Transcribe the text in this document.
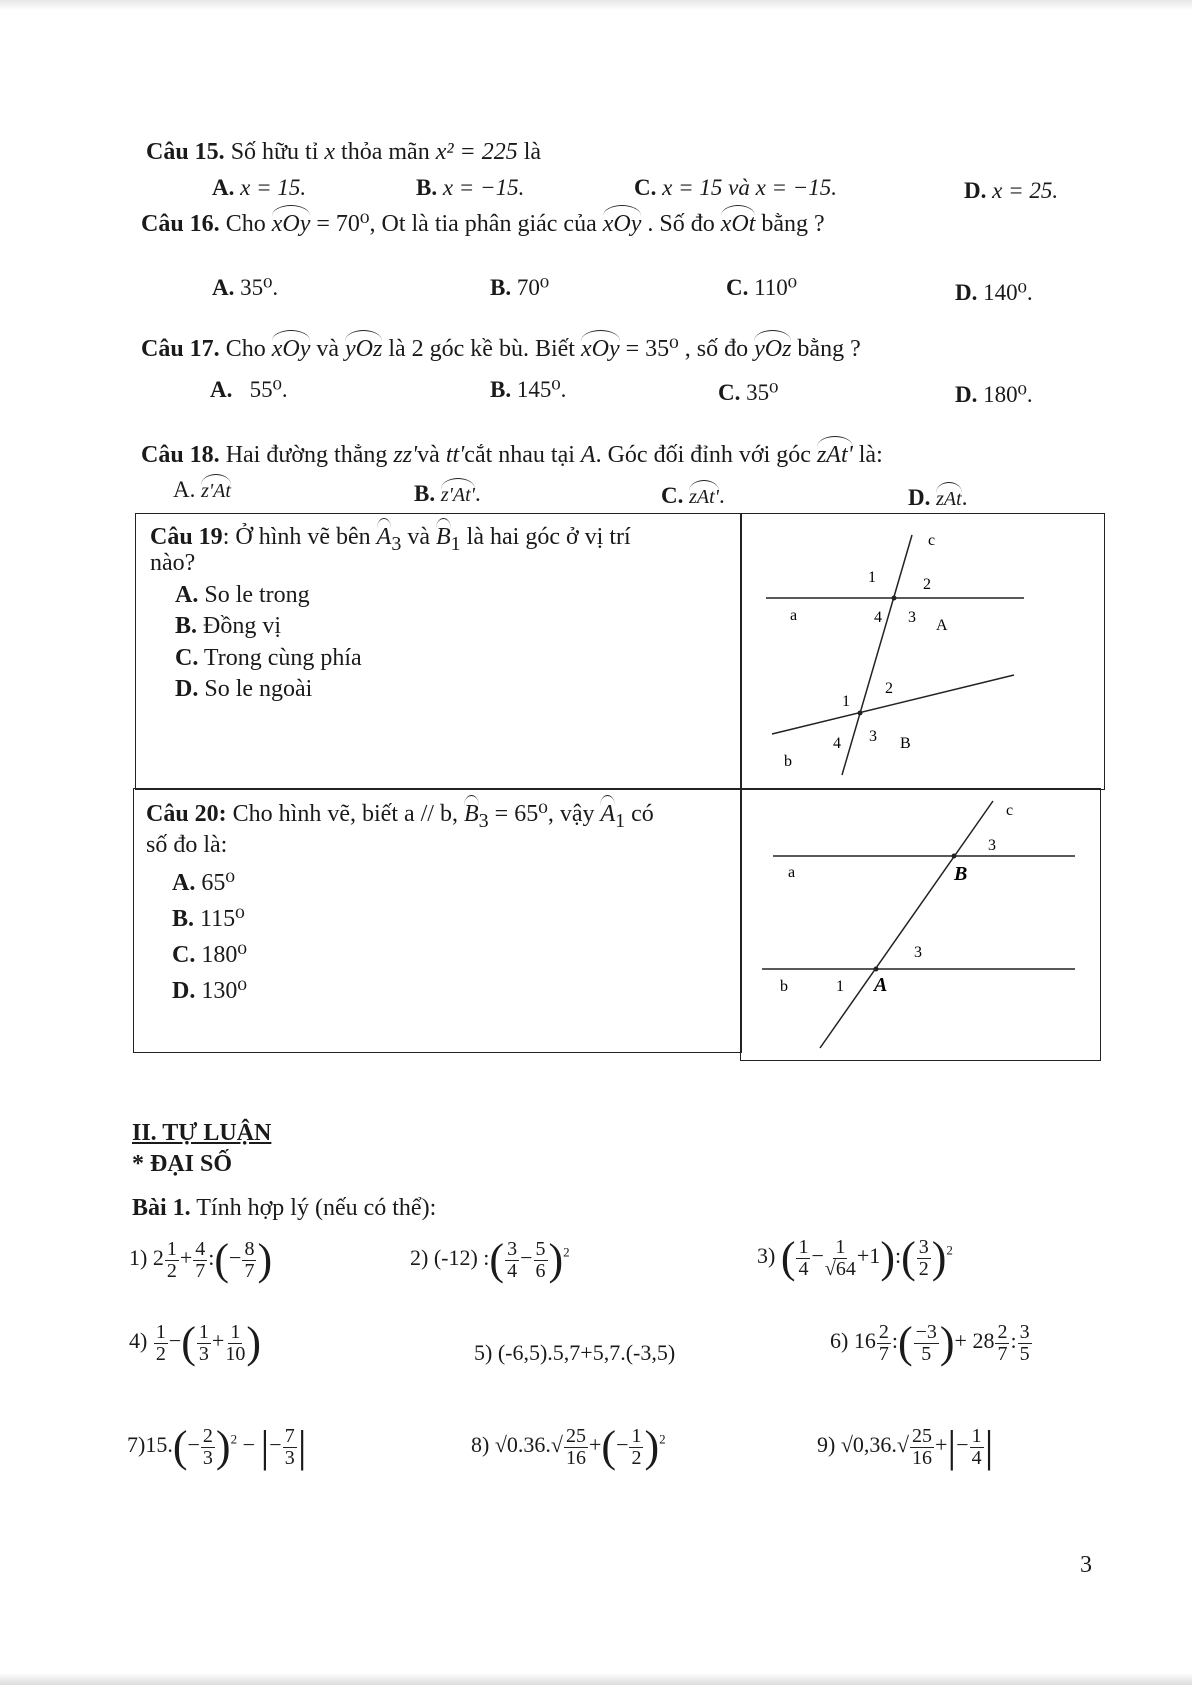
Câu 15. Số hữu tỉ x thỏa mãn x² = 225 là
A. x = 15.	B. x = −15.	C. x = 15 và x = −15.	D. x = 25.
Câu 16. Cho xOy = 70⁰, Ot là tia phân giác của xOy . Số đo xOt bằng ?
A. 35⁰.	B. 70⁰	C. 110⁰	D. 140⁰.
Câu 17. Cho xOy và yOz là 2 góc kề bù. Biết xOy = 35⁰ , số đo yOz bằng ?
A. 55⁰.	B. 145⁰.	C. 35⁰	D. 180⁰.
Câu 18. Hai đường thẳng zz'và tt'cắt nhau tại A. Góc đối đỉnh với góc zAt' là:
A. z'At	B. z'At'.	C. zAt'.	D. zAt.
Câu 19: Ở hình vẽ bên $A_3$ và $B_1$ là hai góc ở vị trí
nào?
A. So le trong
B. Đồng vị
C. Trong cùng phía
D. So le ngoài
c
a
b
A
B
1	2
3
4
1
2
3
4
Câu 20: Cho hình vẽ, biết a // b, $B_3 = 65^0$, vậy $A_1$ có
số đo là:
A. 65⁰
B. 115⁰
C. 180⁰
D. 130⁰
c
a
b
3
B
3
1 A
II. TỰ LUẬN
* ĐẠI SỐ
Bài 1. Tính hợp lý (nếu có thể):
1) $2 \frac{1}{2} + \frac{4}{7}$ :(− $\frac{8}{7}$ )	2) (-12) :( $\frac{3}{4} - \frac{5}{6} )^2$	3) ( $\frac{1}{4} - \frac{1}{√64}$ +1):( $\frac{3}{2} )^2$
$4) \frac{1}{2}$ −( $\frac{1}{3} + \frac{1}{10}$ )	5) (-6,5).5,7+5,7.(-3,5)	6) $16 \frac{2}{7}$ :( $\frac{-3}{5}$ )+ $28 \frac{2}{7}$ : $\frac{3}{5}$
$7)15.(- \frac{2}{3} )^2$ − |− $\frac{7}{3}$ |	8) $√0.36.√ \frac{25}{16}$ +(− $\frac{1}{2} )^2$	9) $√0,36.√ \frac{25}{16}$ +|− $\frac{1}{4}$ |
3
